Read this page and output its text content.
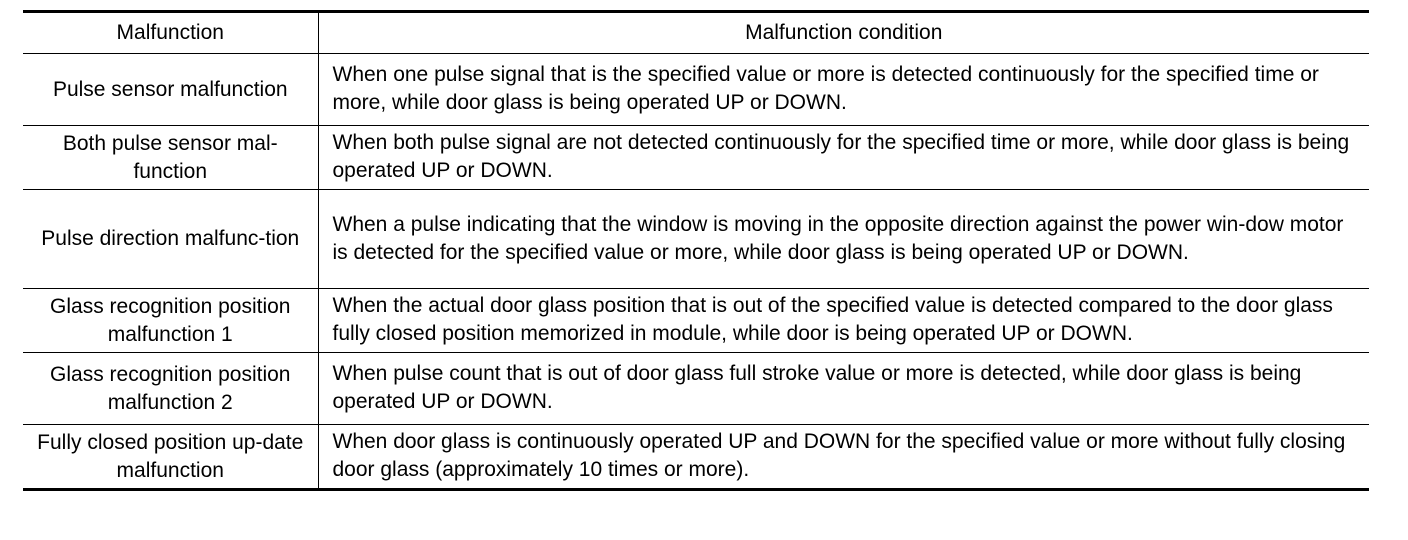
Malfunction	Malfunction condition
Pulse sensor malfunction	When one pulse signal that is the specified value or more is detected continuously for the specified time or more, while door glass is being operated UP or DOWN.
Both pulse sensor mal-function	When both pulse signal are not detected continuously for the specified time or more, while door glass is being operated UP or DOWN.
Pulse direction malfunc-tion	When a pulse indicating that the window is moving in the opposite direction against the power win-dow motor is detected for the specified value or more, while door glass is being operated UP or DOWN.
Glass recognition position malfunction 1	When the actual door glass position that is out of the specified value is detected compared to the door glass fully closed position memorized in module, while door is being operated UP or DOWN.
Glass recognition position malfunction 2	When pulse count that is out of door glass full stroke value or more is detected, while door glass is being operated UP or DOWN.
Fully closed position up-date malfunction	When door glass is continuously operated UP and DOWN for the specified value or more without fully closing door glass (approximately 10 times or more).
